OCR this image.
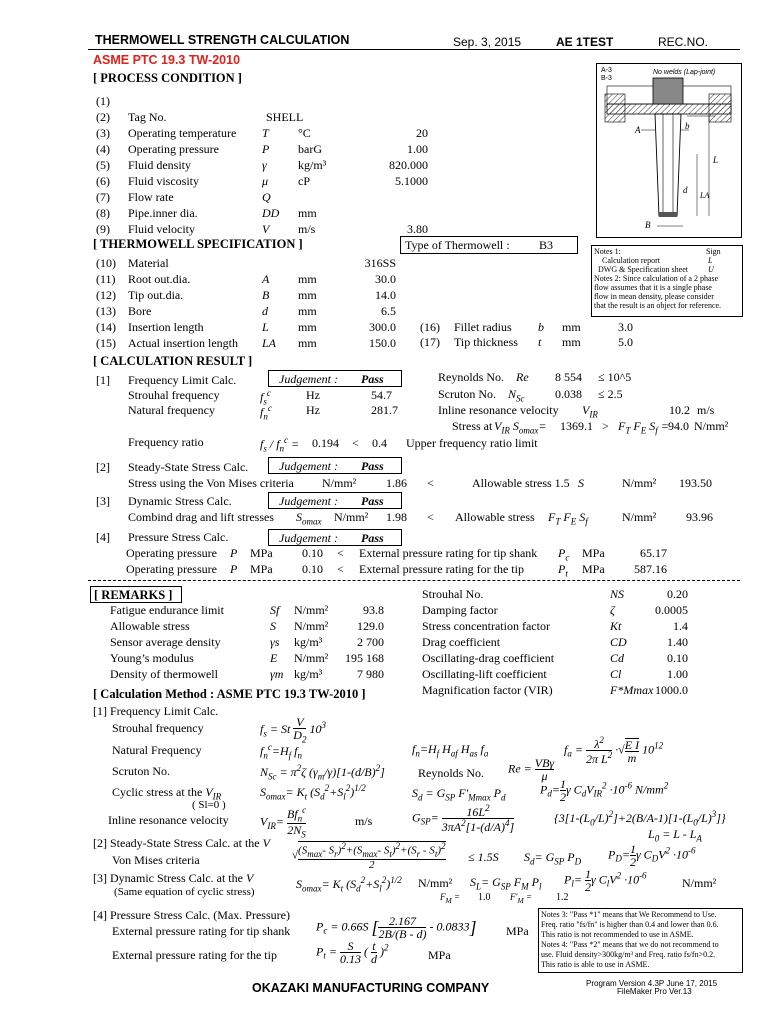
THERMOWELL STRENGTH CALCULATION	Sep. 3, 2015	AE 1TEST	REC.NO.
ASME PTC 19.3 TW-2010
[ PROCESS CONDITION ]
(1)
(2) Tag No.	SHELL
(3) Operating temperature T °C	20
(4) Operating pressure	P barG	1.00
(5) Fluid density	γ	kg/m³	820.000
(6) Fluid viscosity	μ cP	5.1000
(7) Flow rate	Q
(8) Pipe.inner dia.	DD mm
(9) Fluid velocity	V m/s	3.80
A-3
B-3
No welds (Lap-joint)
A	b
L
LA
d
B
Notes 1:	Sign
Calculation report	L
DWG & Specification sheet	U
Notes 2: Since calculation of a 2 phase
flow assumes that it is a single phase
flow in mean density, please consider
that the result is an object for reference.
[ THERMOWELL SPECIFICATION ]	Type of Thermowell : B3
(10) Material	316SS
(11) Root out.dia.	A mm	30.0
(12) Tip out.dia.	B mm	14.0
(13) Bore	d	mm	6.5
(14) Insertion length	L mm	300.0
(15) Actual insertion length LA mm	150.0
(16) Fillet radius b mm	3.0
(17) Tip thickness t mm	5.0
[ CALCULATION RESULT ]
[1] Frequency Limit Calc.	Judgement : Pass
Strouhal frequency	$f_s^c$	Hz	54.7
Natural frequency	$f_n^c$	Hz	281.7
Reynolds No. Re 8 554 ≤ 10^5
Scruton No. $N_{Sc}$	0.038 ≤ 2.5
Inline resonance velocity $V_{IR}$	10.2 m/s
Stress at $V_{IR}$ $S_{omax}= 1369.1 > F_T$ $F_E$ $S_f = 94.0$ N/mm²
Frequency ratio	$f_s / f_n^c = 0.194 < 0.4$ Upper frequency ratio limit
[2] Steady-State Stress Calc.	Judgement : Pass
Stress using the Von Mises criteria N/mm² 1.86 <	Allowable stress 1.5 S	N/mm² 193.50
[3] Dynamic Stress Calc.	Judgement : Pass
Combind drag and lift stresses $S_{omax}$ N/mm² 1.98 < Allowable stress $F_T$ $F_E$ $S_f$	N/mm² 93.96
[4] Pressure Stress Calc.	Judgement : Pass
Operating pressure P MPa 0.10 < External pressure rating for tip shank $P_c$ MPa	65.17
Operating pressure P MPa 0.10 < External pressure rating for the tip	$P_t$ MPa 587.16
[ REMARKS ]
Fatigue endurance limit	Sf N/mm²	93.8
Allowable stress	S N/mm² 129.0
Sensor average density	γs kg/m³	2 700
Young’s modulus	E N/mm² 195 168
Density of thermowell	γm kg/m³	7 980
Strouhal No.	NS	0.20
Damping factor	ζ	0.0005
Stress concentration factor	Kt	1.4
Drag coefficient	CD	1.40
Oscillating-drag coefficient	Cd	0.10
Oscillating-lift coefficient	Cl	1.00
Magnification factor (VIR)	F*Mmax 1000.0
[ Calculation Method : ASME PTC 19.3 TW-2010 ]
[1] Frequency Limit Calc.
Strouhal frequency	$f_s = St \frac{V}{D_2} 10^3$
Natural Frequency	$f_n^c=H_f$ $f_n$	$f_n=H_f$ $H_{af}$ $H_{as}$ $f_a$	$f_a = \frac{\lambda^2}{2\pi L^2}$ ·√ $\frac{\text{E I}}{m} 10^{12}$
Scruton No.	$N_{Sc} = \pi^2\zeta$ $(\gamma_m/\gamma)[1-(d/B)^2]$	Reynolds No. Re = VBγ
μ
Cyclic stress at the $V_{IR}$
( Sl=0 )
$S_{omax}= K_t$ $(S_d^2+S_l^2)^{1/2}$	$S_d = G_{SP}$ $F'_{Mmax}$ $P_d$
$P_d= \frac{1}{2}$ γ $C_dV_{IR}^2 \cdot 10^{-6}$ $N/mm^2$
Inline resonance velocity	$V_{IR}=$
$Bf_n^c$
$2N_S$
m/s	$G_{SP}= \frac{16L^2}{3\pi A^2[1-(d/A)^4]}$	$\{3[1-(L_0/L)^2]+2(B/A-1)[1-(L_0/L)^3]\}$
$L_0 = L - L_A$
[2] Steady-State Stress Calc. at the V
Von Mises criteria	√ ($S_{max}-$ $S_r)^2+(S_{max}-$ $S_t)^2+(S_r - S_t)^2$
2
≤ 1.5S $S_d= G_{SP}$ $P_D$
$P_D= \frac{1}{2}$ γ $C_DV^2 \cdot 10^{-6}$
[3] Dynamic Stress Calc. at the V
(Same equation of cyclic stress)
$S_{omax}= K_t$ $(S_d^2+S_l^2)^{1/2}$ N/mm² $S_L= G_{SP}$ $F_M$ $P_l$
$P_l= \frac{1}{2}$ γ $C_lV^2 \cdot 10^{-6}$
N/mm²
$F_M = 1.0$ $F'_M = 1.2$
[4] Pressure Stress Calc. (Max. Pressure)
External pressure rating for tip shank $P_c = 0.66S$ [ $\frac{2.167}{2B/(B - d)} - 0.0833$] MPa
External pressure rating for the tip	$P_t = \frac{S}{0.13}$ ( $\frac{t}{d} )^2$
MPa
Notes 3: "Pass *1" means that We Recommend to Use.
Freq. ratio "fs/fn" is higher than 0.4 and lower than 0.6.
This ratio is not recommended to use in ASME.
Notes 4: "Pass *2" means that we do not recommend to
use. Fluid density>300kg/m³ and Freq. ratio fs/fn>0.2.
This ratio is able to use in ASME.
OKAZAKI MANUFACTURING COMPANY	Program Version 4.3P June 17, 2015
FileMaker Pro Ver.13
